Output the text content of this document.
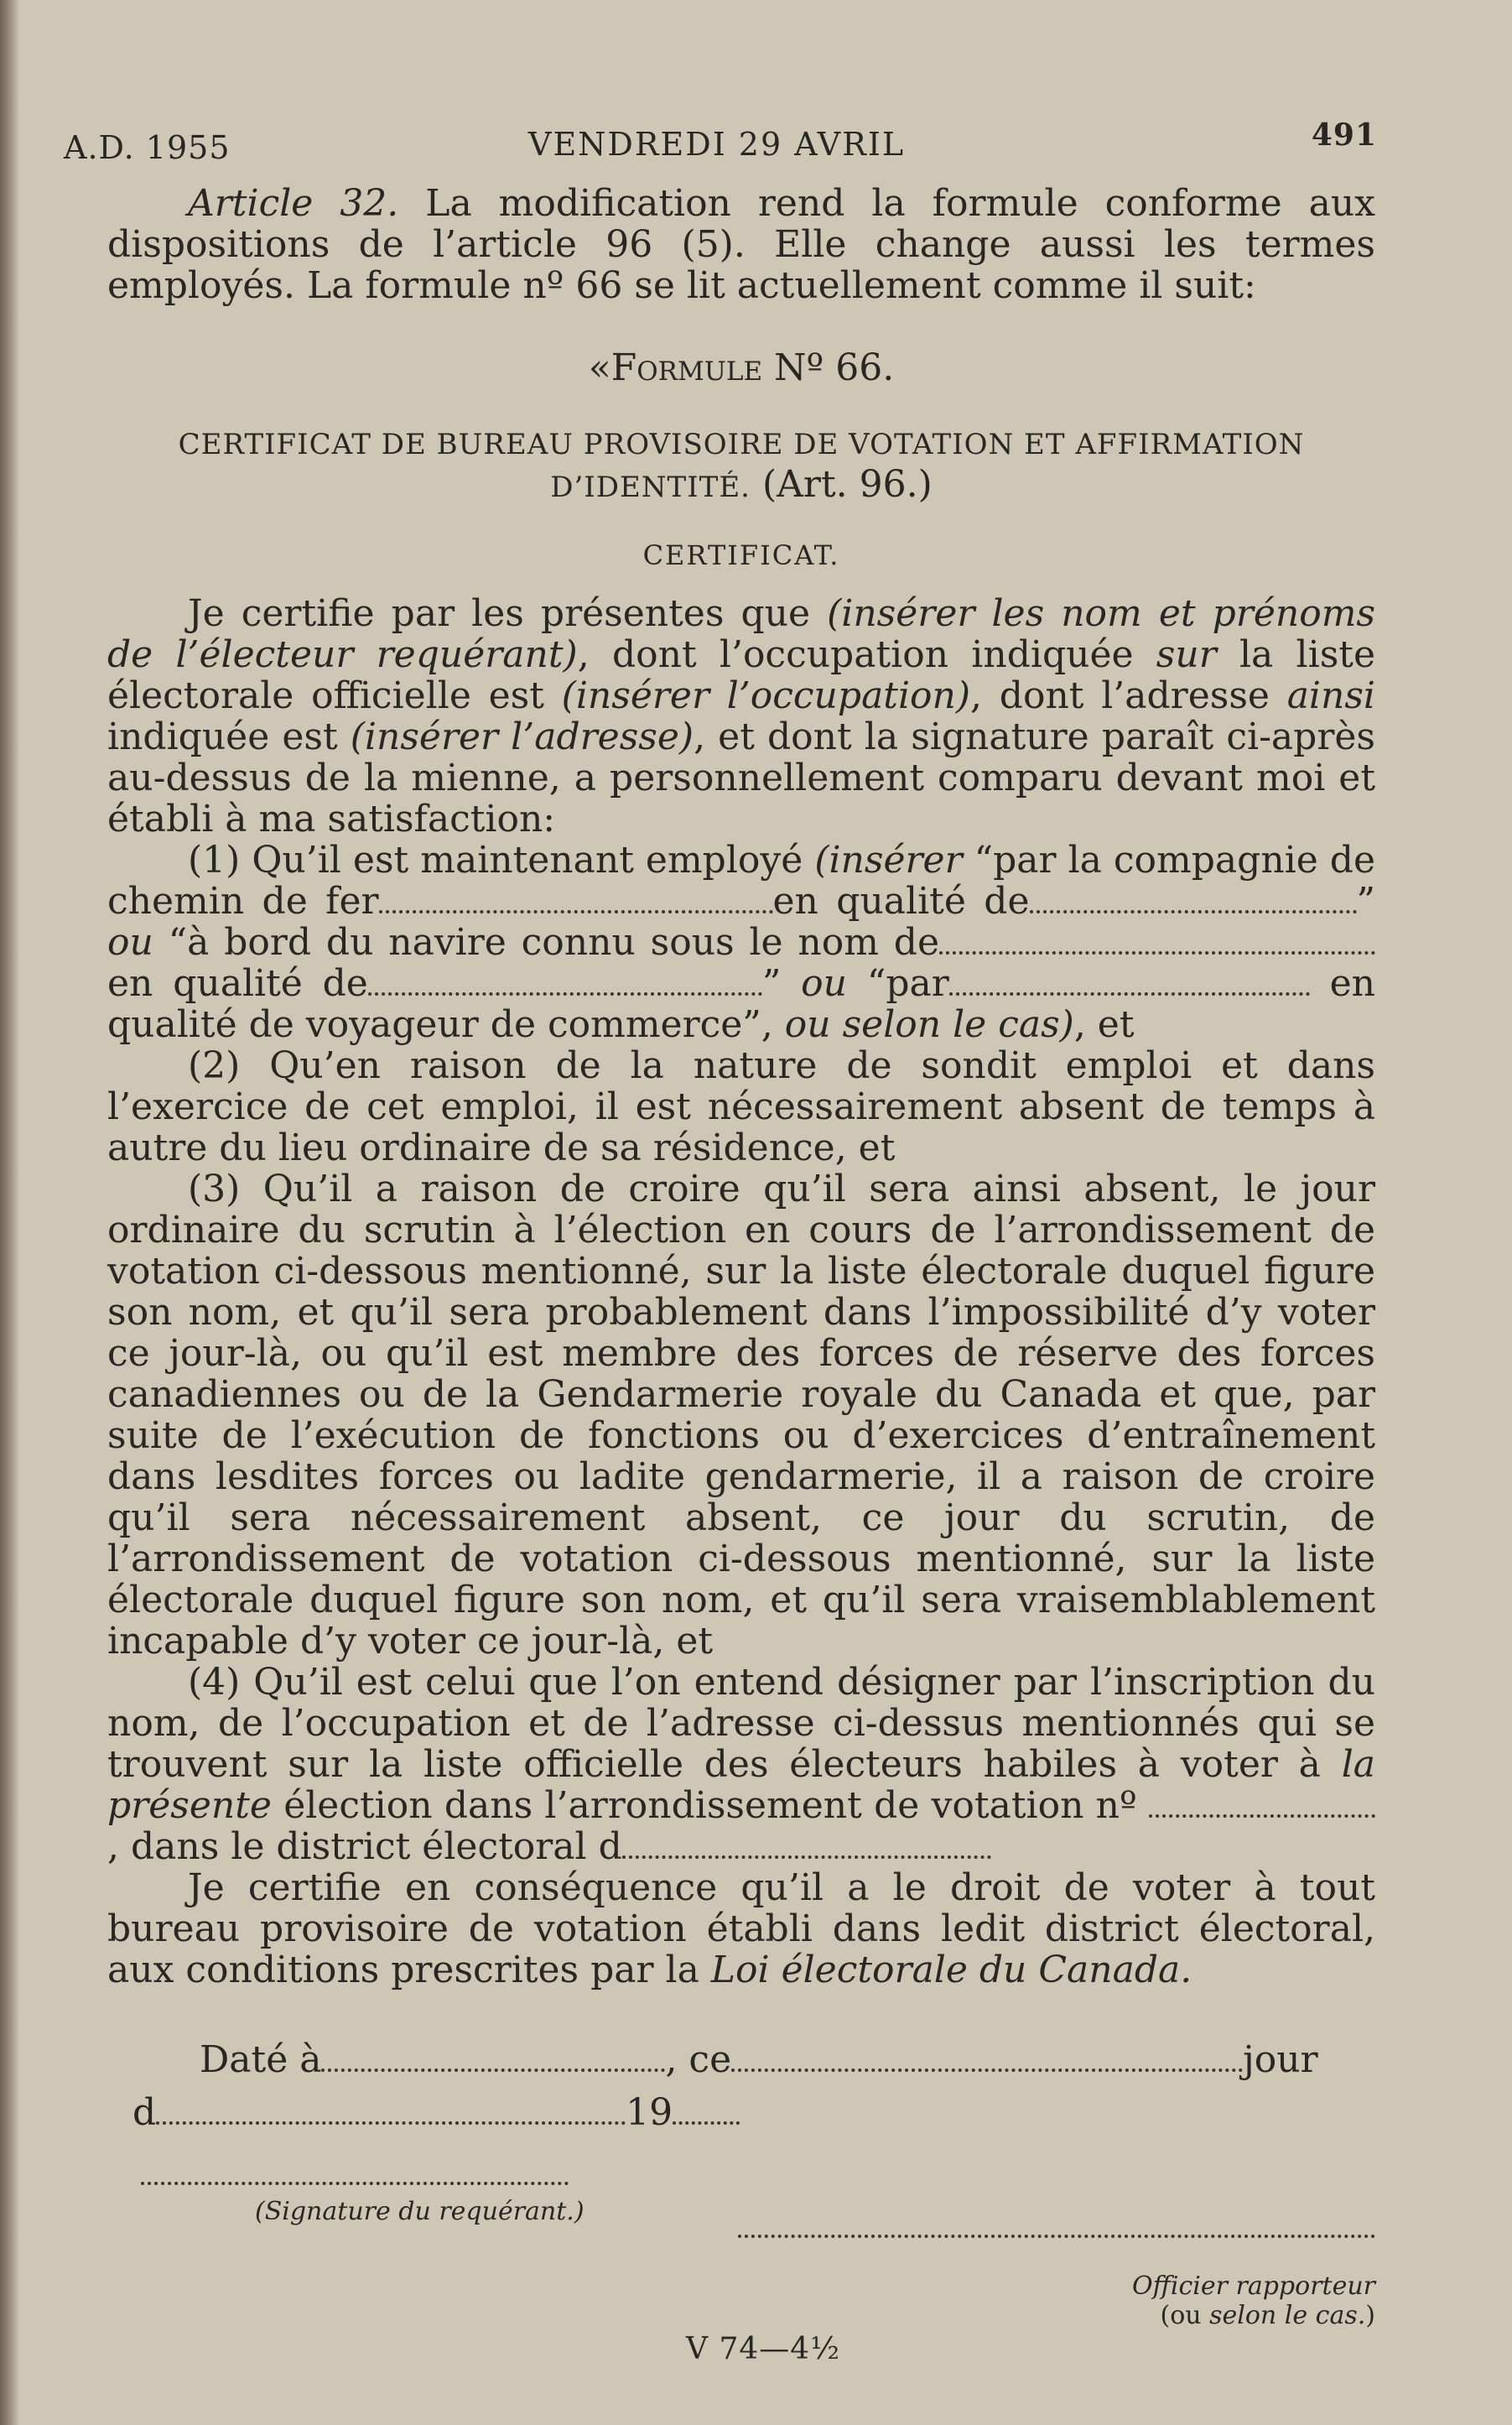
A.D. 1955	VENDREDI 29 AVRIL	491

Article 32. La modification rend la formule conforme aux dispositions de l’article 96 (5). Elle change aussi les termes employés. La formule nº 66 se lit actuellement comme il suit:

«Formule Nº 66.

CERTIFICAT DE BUREAU PROVISOIRE DE VOTATION ET AFFIRMATION D’IDENTITÉ. (Art. 96.)

CERTIFICAT.

Je certifie par les présentes que (insérer les nom et prénoms de l’électeur requérant), dont l’occupation indiquée sur la liste électorale officielle est (insérer l’occupation), dont l’adresse ainsi indiquée est (insérer l’adresse), et dont la signature paraît ci-après au-dessus de la mienne, a personnellement comparu devant moi et établi à ma satisfaction:

(1) Qu’il est maintenant employé (insérer “par la compagnie de chemin de fer	en qualité de	” ou “à bord du navire connu sous le nom de en qualité de	” ou “par	en qualité de voyageur de commerce”, ou selon le cas), et

(2) Qu’en raison de la nature de sondit emploi et dans l’exercice de cet emploi, il est nécessairement absent de temps à autre du lieu ordinaire de sa résidence, et

(3) Qu’il a raison de croire qu’il sera ainsi absent, le jour ordinaire du scrutin à l’élection en cours de l’arrondissement de votation ci-dessous mentionné, sur la liste électorale duquel figure son nom, et qu’il sera probablement dans l’impossibilité d’y voter ce jour-là, ou qu’il est membre des forces de réserve des forces canadiennes ou de la Gendarmerie royale du Canada et que, par suite de l’exécution de fonctions ou d’exercices d’entraînement dans lesdites forces ou ladite gendarmerie, il a raison de croire qu’il sera nécessairement absent, ce jour du scrutin, de l’arrondissement de votation ci-dessous mentionné, sur la liste électorale duquel figure son nom, et qu’il sera vraisemblablement incapable d’y voter ce jour-là, et

(4) Qu’il est celui que l’on entend désigner par l’inscription du nom, de l’occupation et de l’adresse ci-dessus mentionnés qui se trouvent sur la liste officielle des électeurs habiles à voter à la présente élection dans l’arrondissement de votation nº , dans le district électoral d

Je certifie en conséquence qu’il a le droit de voter à tout bureau provisoire de votation établi dans ledit district électoral, aux conditions prescrites par la Loi électorale du Canada.

Daté à	, ce	jour

d	19

(Signature du requérant.)
Officier rapporteur
(ou selon le cas.)
V 74—4½
